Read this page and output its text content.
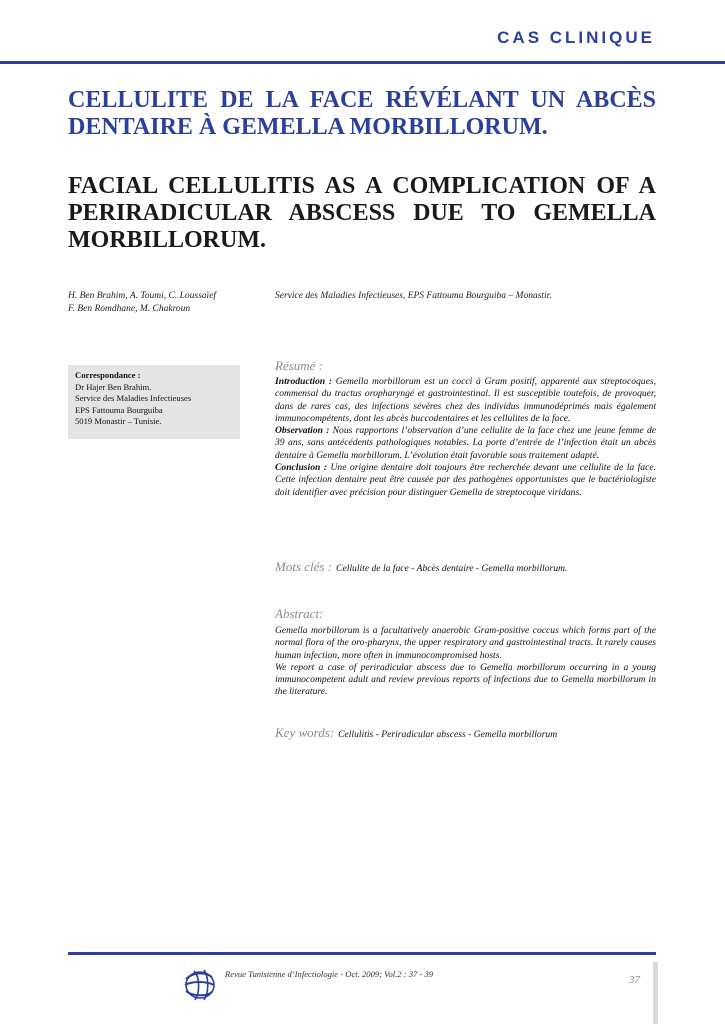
CAS CLINIQUE
CELLULITE DE LA FACE RÉVÉLANT UN ABCÈS DENTAIRE À GEMELLA MORBILLORUM.
FACIAL CELLULITIS AS A COMPLICATION OF A PERIRADICULAR ABSCESS DUE TO GEMELLA MORBILLORUM.
H. Ben Brahim, A. Toumi, C. Loussaïef
F. Ben Romdhane, M. Chakroun
Service des Maladies Infectieuses, EPS Fattouma Bourguiba – Monastir.
Correspondance :
Dr Hajer Ben Brahim.
Service des Maladies Infectieuses
EPS Fattouma Bourguiba
5019 Monastir – Tunisie.

Résumé :

Introduction : Gemella morbillorum est un cocci à Gram positif, apparenté aux streptocoques, commensal du tractus oropharyngé et gastrointestinal. Il est susceptible toutefois, de provoquer, dans de rares cas, des infections sévères chez des individus immunodéprimés mais également immunocompétents, dont les abcès buccodentaires et les cellulites de la face.

Observation : Nous rapportons l’observation d’une cellulite de la face chez une jeune femme de 39 ans, sans antécédents pathologiques notables. La porte d’entrée de l’infection était un abcès dentaire à Gemella morbillorum. L’évolution était favorable sous traitement adapté.

Conclusion : Une origine dentaire doit toujours être recherchée devant une cellulite de la face. Cette infection dentaire peut être causée par des pathogènes opportunistes que le bactériologiste doit identifier avec précision pour distinguer Gemella de streptocoque viridans.

Mots clés : Cellulite de la face - Abcès dentaire - Gemella morbillorum.

Abstract:

Gemella morbillorum is a facultatively anaerobic Gram-positive coccus which forms part of the normal flora of the oro-pharynx, the upper respiratory and gastrointestinal tracts. It rarely causes human infection, more often in immunocompromised hosts.

We report a case of periradicular abscess due to Gemella morbillorum occurring in a young immunocompetent adult and review previous reports of infections due to Gemella morbillorum in the literature.

Key words: Cellulitis - Periradicular abscess - Gemella morbillorum
Revue Tunisienne d’Infectiologie - Oct. 2009; Vol.2 : 37 - 39	37
